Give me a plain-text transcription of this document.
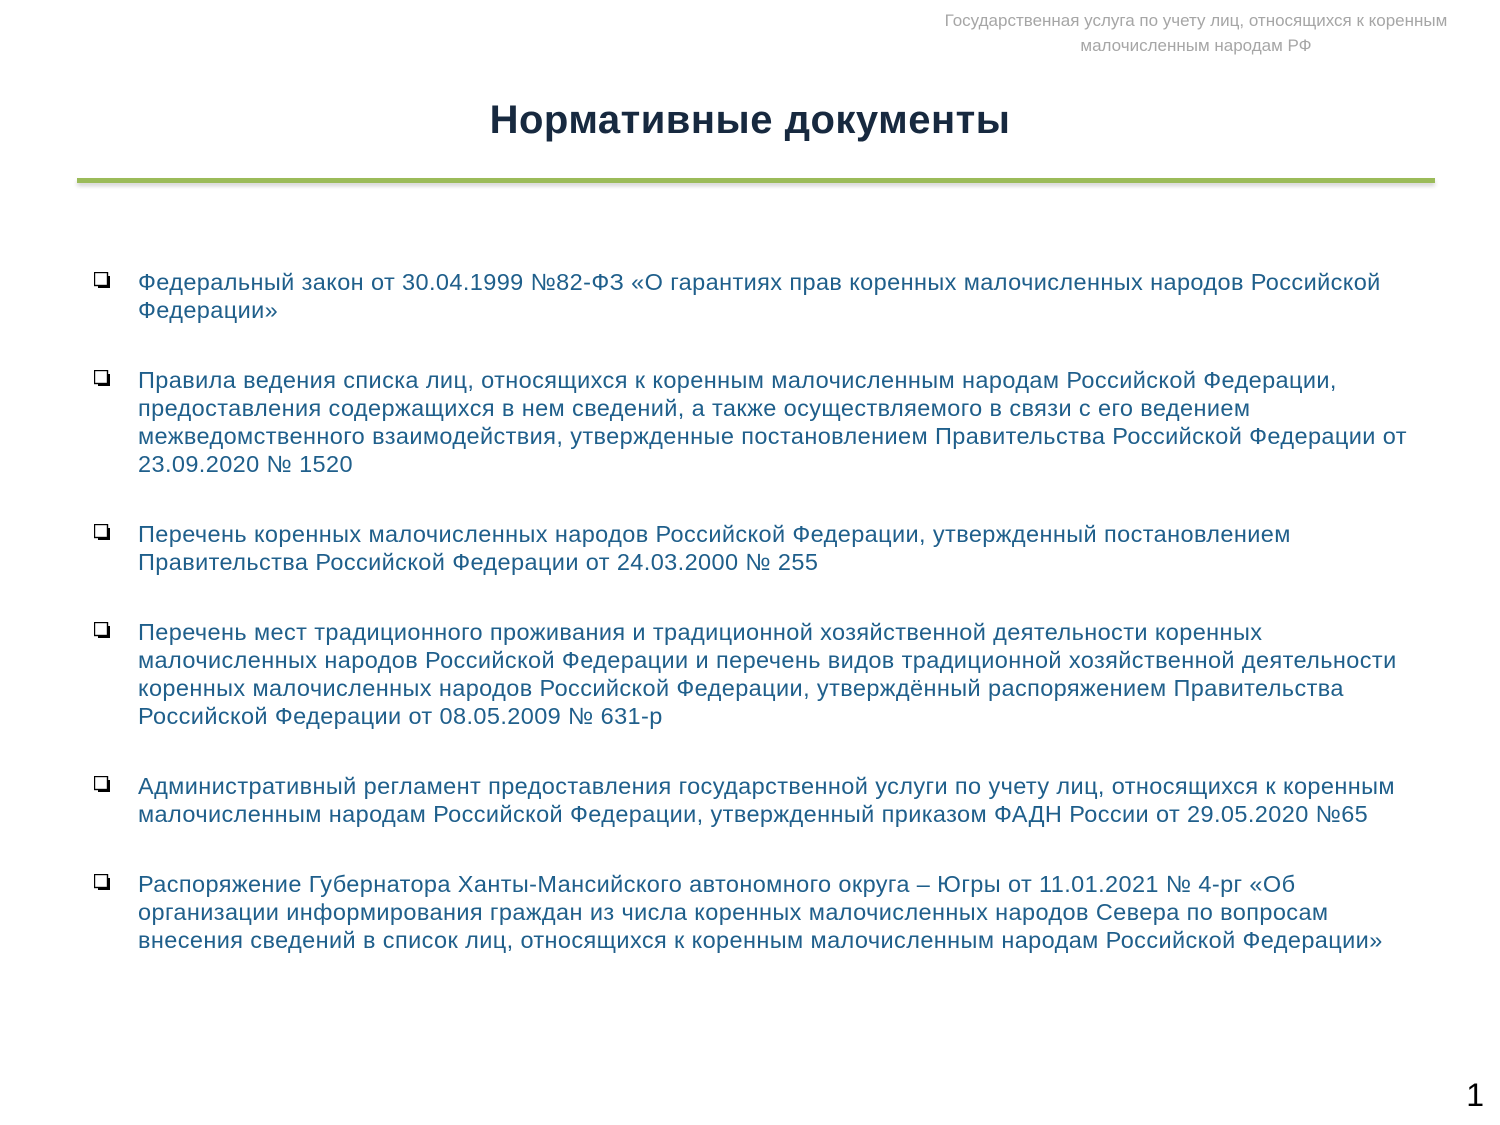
Государственная услуга по учету лиц, относящихся к коренным малочисленным народам РФ
Нормативные документы
Федеральный закон от 30.04.1999 №82-ФЗ «О гарантиях прав коренных малочисленных народов Российской Федерации»
Правила ведения списка лиц, относящихся к коренным малочисленным народам Российской Федерации, предоставления содержащихся в нем сведений, а также осуществляемого в связи с его ведением межведомственного взаимодействия, утвержденные постановлением Правительства Российской Федерации от 23.09.2020 № 1520
Перечень коренных малочисленных народов Российской Федерации, утвержденный постановлением Правительства Российской Федерации от 24.03.2000 № 255
Перечень мест традиционного проживания и традиционной хозяйственной деятельности коренных малочисленных народов Российской Федерации и перечень видов традиционной хозяйственной деятельности коренных малочисленных народов Российской Федерации, утверждённый распоряжением Правительства Российской Федерации от 08.05.2009 № 631-р
Административный регламент предоставления государственной услуги по учету лиц, относящихся к коренным малочисленным народам Российской Федерации, утвержденный приказом ФАДН России от 29.05.2020 №65
Распоряжение Губернатора Ханты-Мансийского автономного округа – Югры от 11.01.2021 № 4-рг «Об организации информирования граждан из числа коренных малочисленных народов Севера по вопросам внесения сведений в список лиц, относящихся к коренным малочисленным народам Российской Федерации»
1
